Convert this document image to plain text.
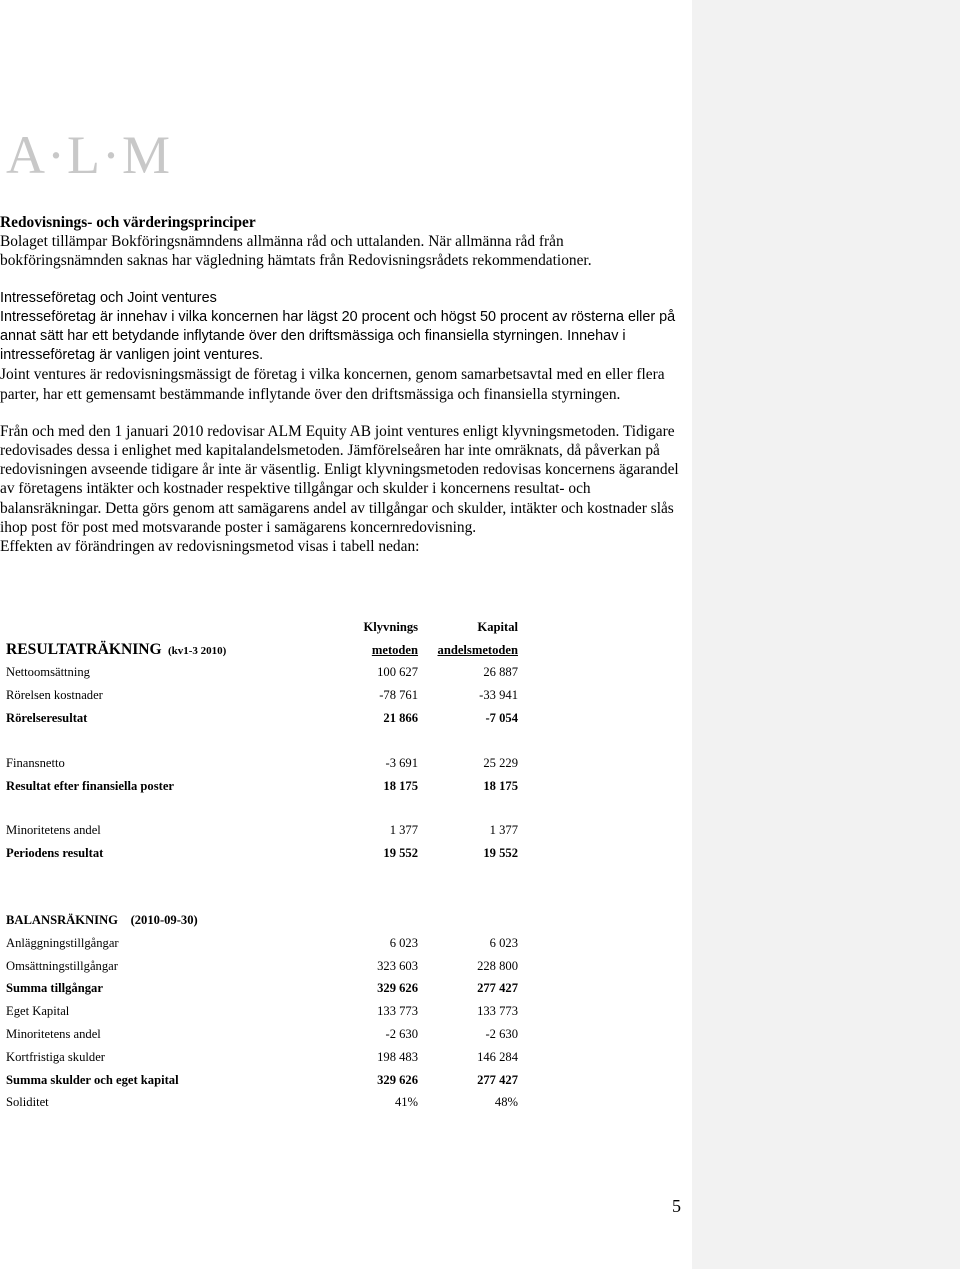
A·L·M

Redovisnings- och värderingsprinciper

Bolaget tillämpar Bokföringsnämndens allmänna råd och uttalanden. När allmänna råd från bokföringsnämnden saknas har vägledning hämtats från Redovisningsrådets rekommendationer.

Intresseföretag och Joint ventures

Intresseföretag är innehav i vilka koncernen har lägst 20 procent och högst 50 procent av rösterna eller på annat sätt har ett betydande inflytande över den driftsmässiga och finansiella styrningen. Innehav i intresseföretag är vanligen joint ventures.

Joint ventures är redovisningsmässigt de företag i vilka koncernen, genom samarbetsavtal med en eller flera parter, har ett gemensamt bestämmande inflytande över den driftsmässiga och finansiella styrningen.

Från och med den 1 januari 2010 redovisar ALM Equity AB joint ventures enligt klyvningsmetoden. Tidigare redovisades dessa i enlighet med kapitalandelsmetoden. Jämförelseåren har inte omräknats, då påverkan på redovisningen avseende tidigare år inte är väsentlig. Enligt klyvningsmetoden redovisas koncernens ägarandel av företagens intäkter och kostnader respektive tillgångar och skulder i koncernens resultat- och balansräkningar. Detta görs genom att samägarens andel av tillgångar och skulder, intäkter och kostnader slås ihop post för post med motsvarande poster i samägarens koncernredovisning.

Effekten av förändringen av redovisningsmetod visas i tabell nedan:

	Klyvnings	Kapital
RESULTATRÄKNING (kv1-3 2010)	metoden	andelsmetoden
Nettoomsättning	100 627	26 887
Rörelsen kostnader	-78 761	-33 941
Rörelseresultat	21 866	-7 054

Finansnetto	-3 691	25 229
Resultat efter finansiella poster	18 175	18 175

Minoritetens andel	1 377	1 377
Periodens resultat	19 552	19 552

BALANSRÄKNING (2010-09-30)		
Anläggningstillgångar	6 023	6 023
Omsättningstillgångar	323 603	228 800
Summa tillgångar	329 626	277 427
Eget Kapital	133 773	133 773
Minoritetens andel	-2 630	-2 630
Kortfristiga skulder	198 483	146 284
Summa skulder och eget kapital	329 626	277 427
Soliditet	41%	48%
5
